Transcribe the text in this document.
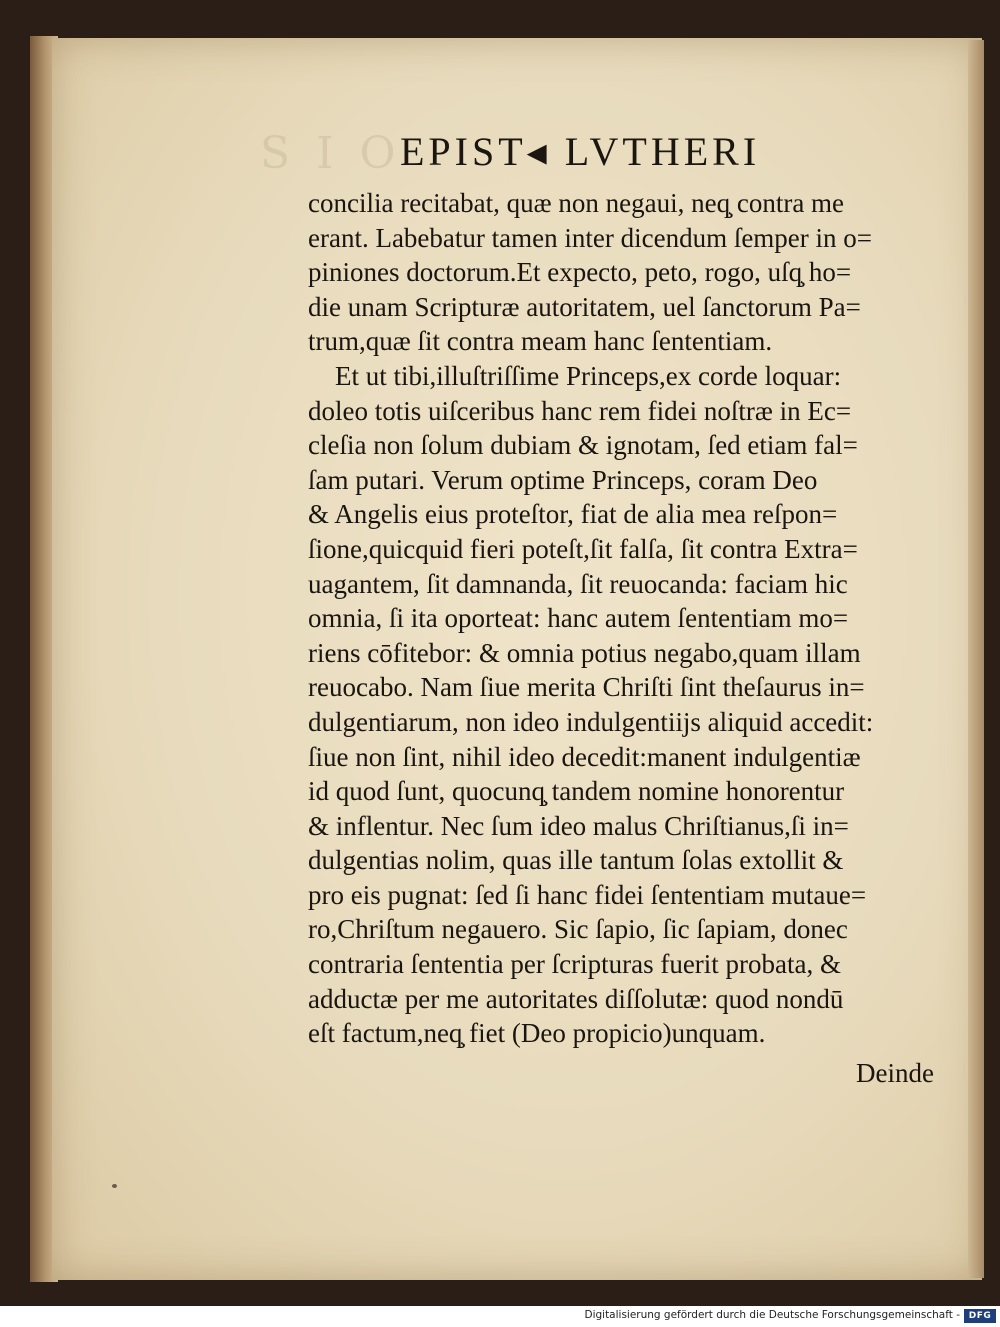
S I O
EPIST◂ LVTHERI

concilia recitabat, quæ non negaui, neq̧ contra me
erant. Labebatur tamen inter dicendum ſemper in o=
piniones doctorum.Et expecto, peto, rogo, uſq̧ ho=
die unam Scripturæ autoritatem, uel ſanctorum Pa=
trum,quæ ſit contra meam hanc ſententiam.
Et ut tibi,illuſtriſſime Princeps,ex corde loquar:
doleo totis uiſceribus hanc rem fidei noſtræ in Ec=
cleſia non ſolum dubiam & ignotam, ſed etiam fal=
ſam putari. Verum optime Princeps, coram Deo
& Angelis eius proteſtor, fiat de alia mea reſpon=
ſione,quicquid fieri poteſt,ſit falſa, ſit contra Extra=
uagantem, ſit damnanda, ſit reuocanda: faciam hic
omnia, ſi ita oporteat: hanc autem ſententiam mo=
riens cōfitebor: & omnia potius negabo,quam illam
reuocabo. Nam ſiue merita Chriſti ſint theſaurus in=
dulgentiarum, non ideo indulgentiĳs aliquid accedit:
ſiue non ſint, nihil ideo decedit:manent indulgentiæ
id quod ſunt, quocunq̧ tandem nomine honorentur
& inflentur. Nec ſum ideo malus Chriſtianus,ſi in=
dulgentias nolim, quas ille tantum ſolas extollit &
pro eis pugnat: ſed ſi hanc fidei ſententiam mutaue=
ro,Chriſtum negauero. Sic ſapio, ſic ſapiam, donec
contraria ſententia per ſcripturas fuerit probata, &
adductæ per me autoritates diſſolutæ: quod nondū
eſt factum,neq̧ fiet (Deo propicio)unquam.

Deinde

Digitalisierung gefördert durch die Deutsche Forschungsgemeinschaft - DFG
